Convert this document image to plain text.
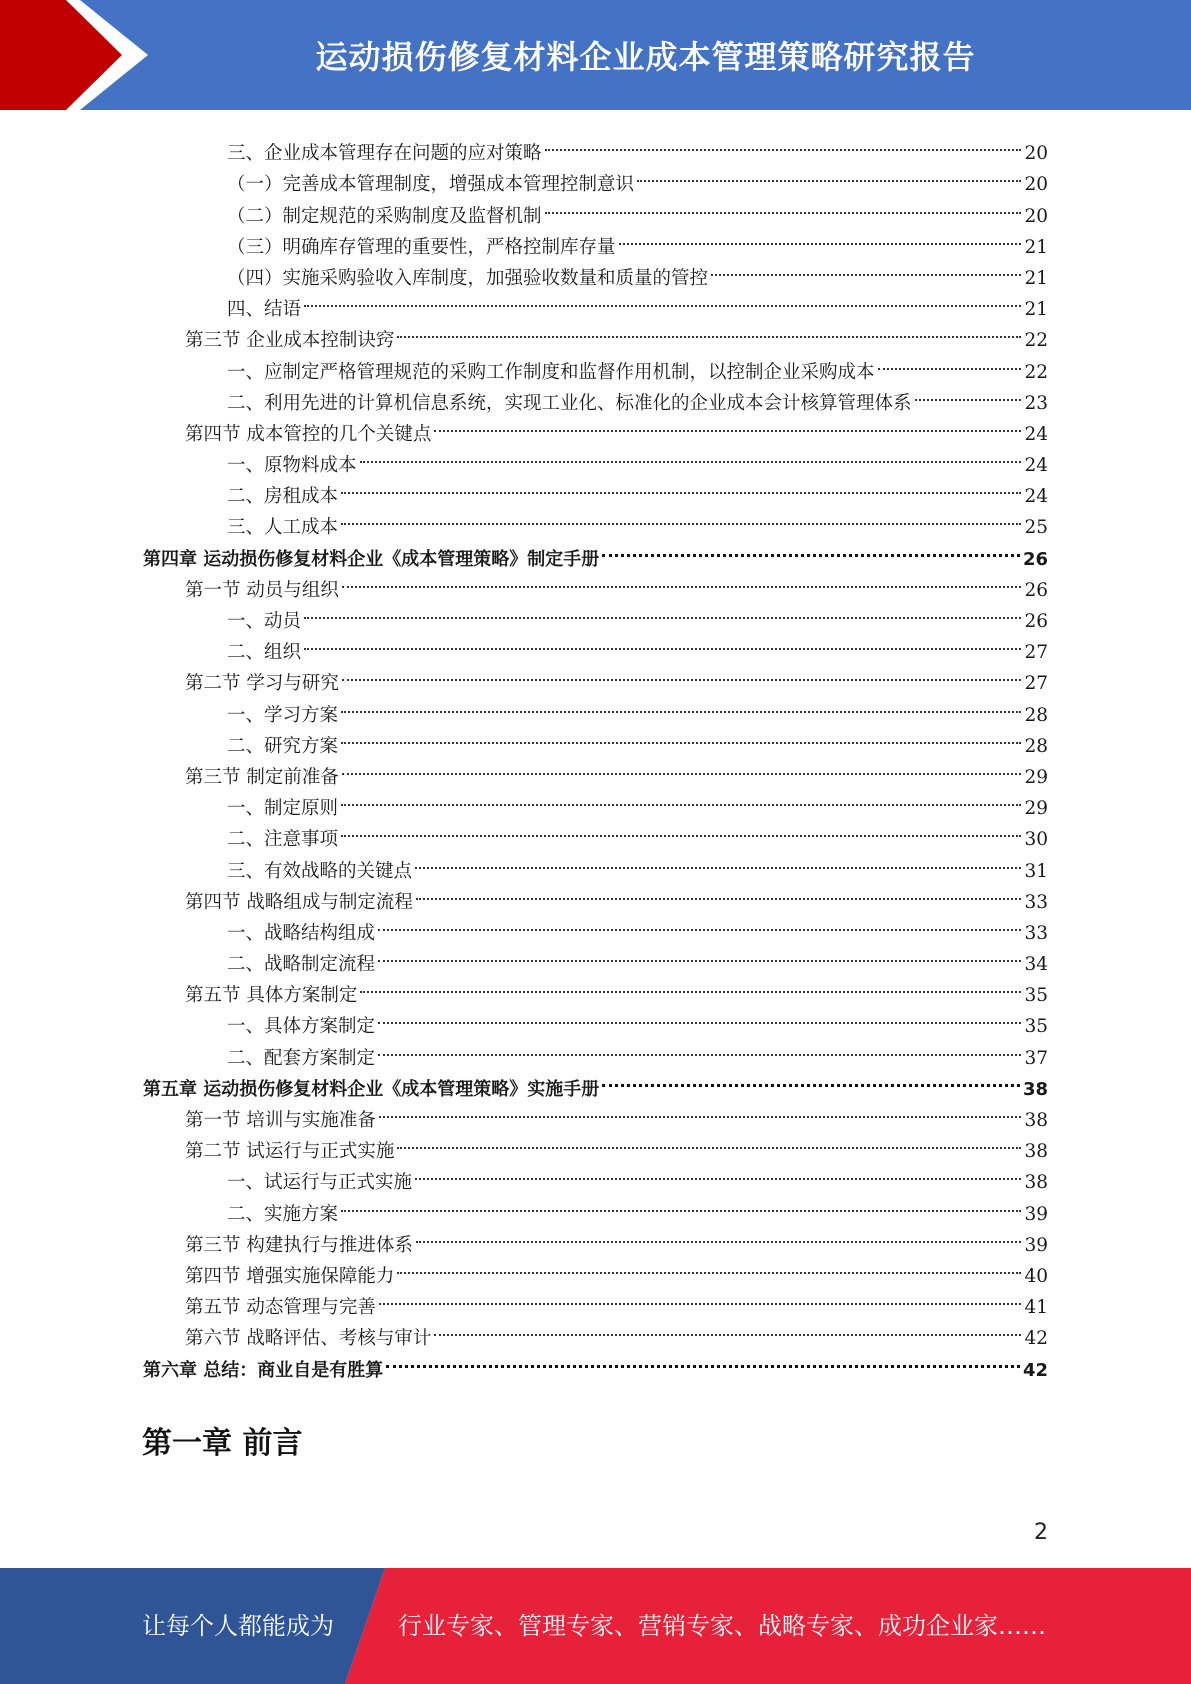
运动损伤修复材料企业成本管理策略研究报告
三、企业成本管理存在问题的应对策略	20
（一）完善成本管理制度，增强成本管理控制意识	20
（二）制定规范的采购制度及监督机制	20
（三）明确库存管理的重要性，严格控制库存量	21
（四）实施采购验收入库制度，加强验收数量和质量的管控	21
四、结语	21
第三节 企业成本控制诀窍	22
一、应制定严格管理规范的采购工作制度和监督作用机制，以控制企业采购成本	22
二、利用先进的计算机信息系统，实现工业化、标准化的企业成本会计核算管理体系	23
第四节 成本管控的几个关键点	24
一、原物料成本	24
二、房租成本	24
三、人工成本	25
第四章 运动损伤修复材料企业《成本管理策略》制定手册	26
第一节 动员与组织	26
一、动员	26
二、组织	27
第二节 学习与研究	27
一、学习方案	28
二、研究方案	28
第三节 制定前准备	29
一、制定原则	29
二、注意事项	30
三、有效战略的关键点	31
第四节 战略组成与制定流程	33
一、战略结构组成	33
二、战略制定流程	34
第五节 具体方案制定	35
一、具体方案制定	35
二、配套方案制定	37
第五章 运动损伤修复材料企业《成本管理策略》实施手册	38
第一节 培训与实施准备	38
第二节 试运行与正式实施	38
一、试运行与正式实施	38
二、实施方案	39
第三节 构建执行与推进体系	39
第四节 增强实施保障能力	40
第五节 动态管理与完善	41
第六节 战略评估、考核与审计	42
第六章 总结：商业自是有胜算	42
第一章 前言
2
让每个人都能成为	行业专家、管理专家、营销专家、战略专家、成功企业家……
